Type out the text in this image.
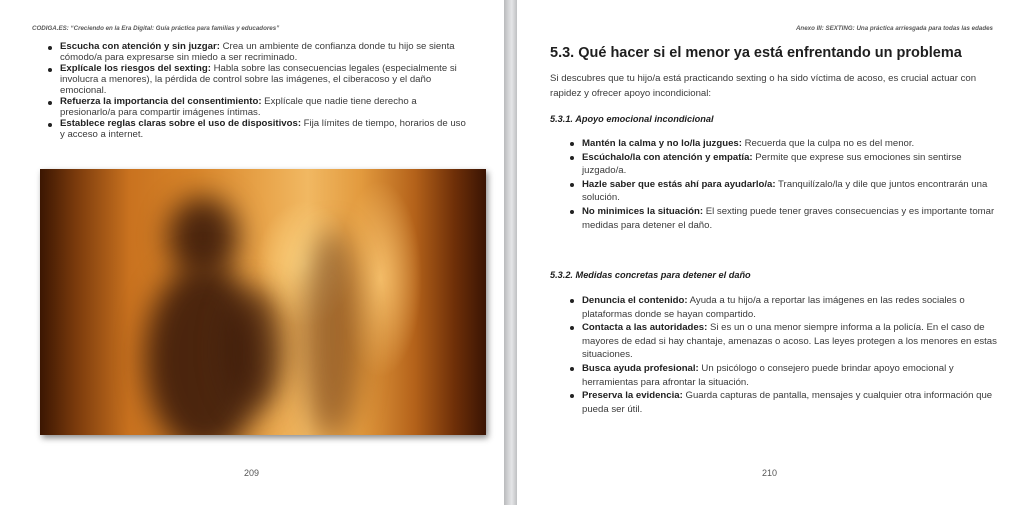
CODIGA.ES: “Creciendo en la Era Digital: Guía práctica para familias y educadores”
Escucha con atención y sin juzgar: Crea un ambiente de confianza donde tu hijo se sienta cómodo/a para expresarse sin miedo a ser recriminado.
Explícale los riesgos del sexting: Habla sobre las consecuencias legales (especialmente si involucra a menores), la pérdida de control sobre las imágenes, el ciberacoso y el daño emocional.
Refuerza la importancia del consentimiento: Explícale que nadie tiene derecho a presionarlo/a para compartir imágenes íntimas.
Establece reglas claras sobre el uso de dispositivos: Fija límites de tiempo, horarios de uso y acceso a internet.
209
Anexo III: SEXTING: Una práctica arriesgada para todas las edades
5.3. Qué hacer si el menor ya está enfrentando un problema

Si descubres que tu hijo/a está practicando sexting o ha sido víctima de acoso, es crucial actuar con rapidez y ofrecer apoyo incondicional:

5.3.1. Apoyo emocional incondicional
Mantén la calma y no lo/la juzgues: Recuerda que la culpa no es del menor.
Escúchalo/la con atención y empatía: Permite que exprese sus emociones sin sentirse juzgado/a.
Hazle saber que estás ahí para ayudarlo/a: Tranquilízalo/la y dile que juntos encontrarán una solución.
No minimices la situación: El sexting puede tener graves consecuencias y es importante tomar medidas para detener el daño.
5.3.2. Medidas concretas para detener el daño
Denuncia el contenido: Ayuda a tu hijo/a a reportar las imágenes en las redes sociales o plataformas donde se hayan compartido.
Contacta a las autoridades: Si es un o una menor siempre informa a la policía. En el caso de mayores de edad si hay chantaje, amenazas o acoso. Las leyes protegen a los menores en estas situaciones.
Busca ayuda profesional: Un psicólogo o consejero puede brindar apoyo emocional y herramientas para afrontar la situación.
Preserva la evidencia: Guarda capturas de pantalla, mensajes y cualquier otra información que pueda ser útil.
210
